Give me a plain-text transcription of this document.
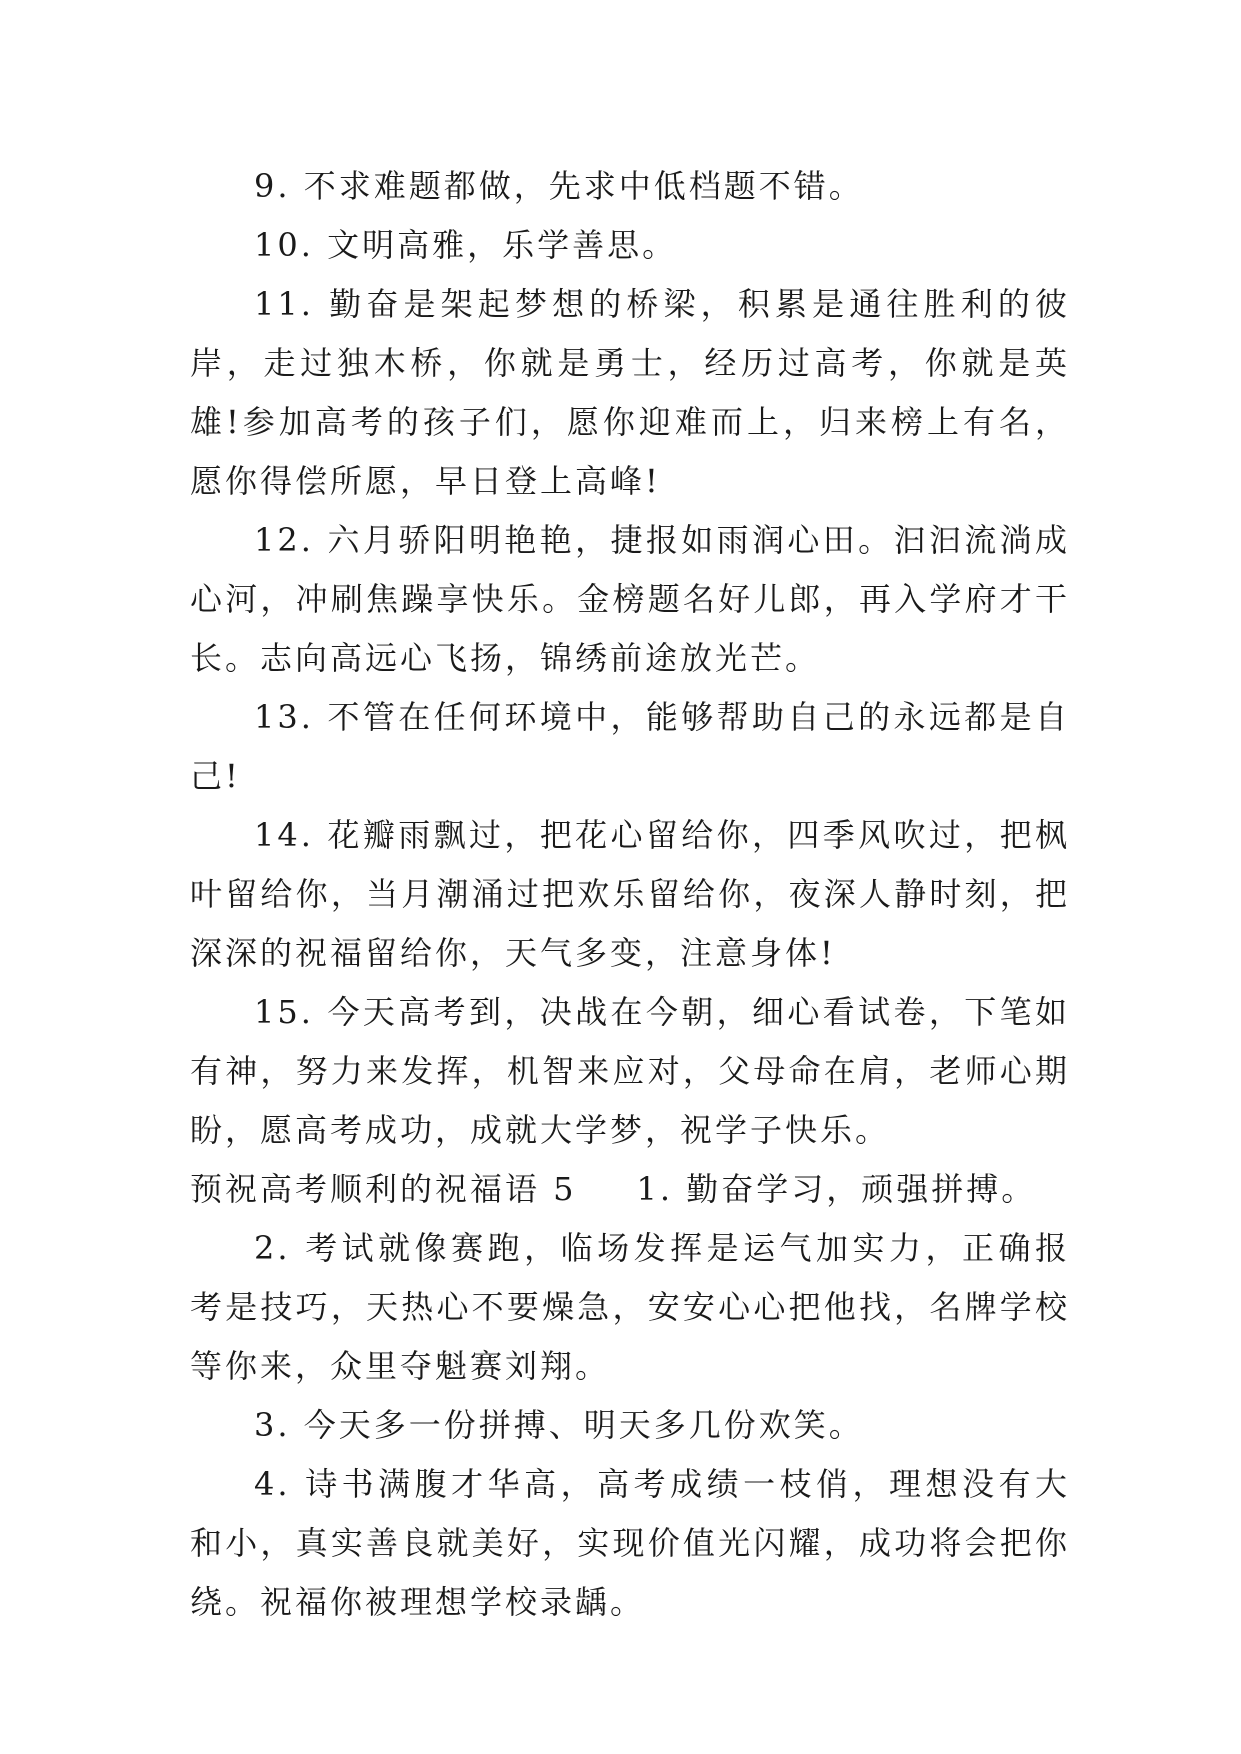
9. 不求难题都做，先求中低档题不错。

10. 文明高雅，乐学善思。

11. 勤奋是架起梦想的桥梁，积累是通往胜利的彼岸，走过独木桥，你就是勇士，经历过高考，你就是英雄!参加高考的孩子们，愿你迎难而上，归来榜上有名，愿你得偿所愿，早日登上高峰!

12. 六月骄阳明艳艳，捷报如雨润心田。汩汩流淌成心河，冲刷焦躁享快乐。金榜题名好儿郎，再入学府才干长。志向高远心飞扬，锦绣前途放光芒。

13. 不管在任何环境中，能够帮助自己的永远都是自己!

14. 花瓣雨飘过，把花心留给你，四季风吹过，把枫叶留给你，当月潮涌过把欢乐留给你，夜深人静时刻，把深深的祝福留给你，天气多变，注意身体!

15. 今天高考到，决战在今朝，细心看试卷，下笔如有神，努力来发挥，机智来应对，父母命在肩，老师心期盼，愿高考成功，成就大学梦，祝学子快乐。

预祝高考顺利的祝福语 5 1. 勤奋学习，顽强拼搏。

2. 考试就像赛跑，临场发挥是运气加实力，正确报考是技巧，天热心不要燥急，安安心心把他找，名牌学校等你来，众里夺魁赛刘翔。

3. 今天多一份拼搏、明天多几份欢笑。

4. 诗书满腹才华高，高考成绩一枝俏，理想没有大和小，真实善良就美好，实现价值光闪耀，成功将会把你绕。祝福你被理想学校录龋。
